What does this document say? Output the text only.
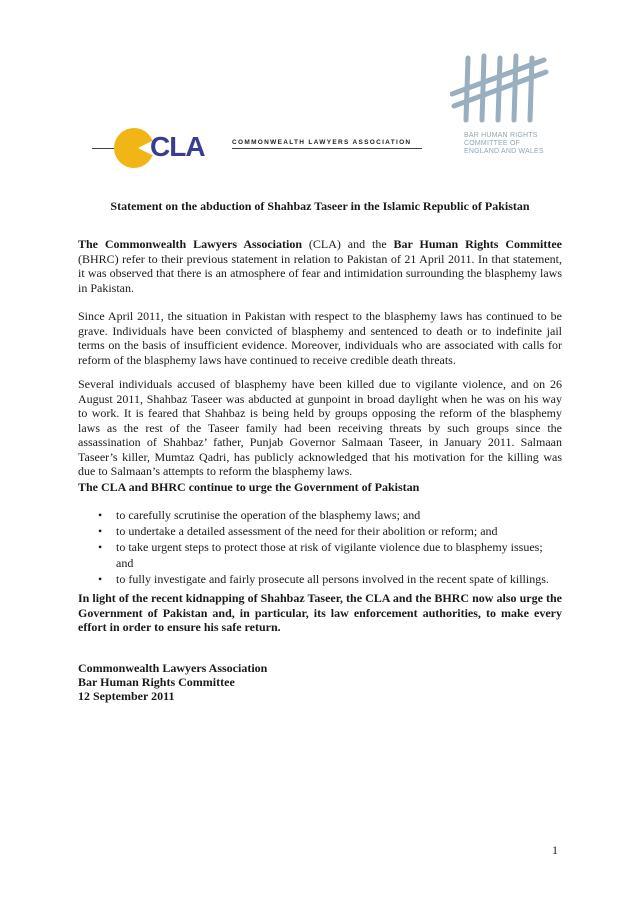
BAR HUMAN RIGHTS
COMMITTEE OF
ENGLAND AND WALES
CLA	COMMONWEALTH LAWYERS ASSOCIATION
Statement on the abduction of Shahbaz Taseer in the Islamic Republic of Pakistan
The Commonwealth Lawyers Association (CLA) and the Bar Human Rights Committee (BHRC) refer to their previous statement in relation to Pakistan of 21 April 2011. In that statement, it was observed that there is an atmosphere of fear and intimidation surrounding the blasphemy laws in Pakistan.
Since April 2011, the situation in Pakistan with respect to the blasphemy laws has continued to be grave. Individuals have been convicted of blasphemy and sentenced to death or to indefinite jail terms on the basis of insufficient evidence. Moreover, individuals who are associated with calls for reform of the blasphemy laws have continued to receive credible death threats.
Several individuals accused of blasphemy have been killed due to vigilante violence, and on 26 August 2011, Shahbaz Taseer was abducted at gunpoint in broad daylight when he was on his way to work. It is feared that Shahbaz is being held by groups opposing the reform of the blasphemy laws as the rest of the Taseer family had been receiving threats by such groups since the assassination of Shahbaz’ father, Punjab Governor Salmaan Taseer, in January 2011. Salmaan Taseer’s killer, Mumtaz Qadri, has publicly acknowledged that his motivation for the killing was due to Salmaan’s attempts to reform the blasphemy laws.
The CLA and BHRC continue to urge the Government of Pakistan
• to carefully scrutinise the operation of the blasphemy laws; and
• to undertake a detailed assessment of the need for their abolition or reform; and
• to take urgent steps to protect those at risk of vigilante violence due to blasphemy issues; and
• to fully investigate and fairly prosecute all persons involved in the recent spate of killings.
In light of the recent kidnapping of Shahbaz Taseer, the CLA and the BHRC now also urge the Government of Pakistan and, in particular, its law enforcement authorities, to make every effort in order to ensure his safe return.
Commonwealth Lawyers Association
Bar Human Rights Committee
12 September 2011
1
